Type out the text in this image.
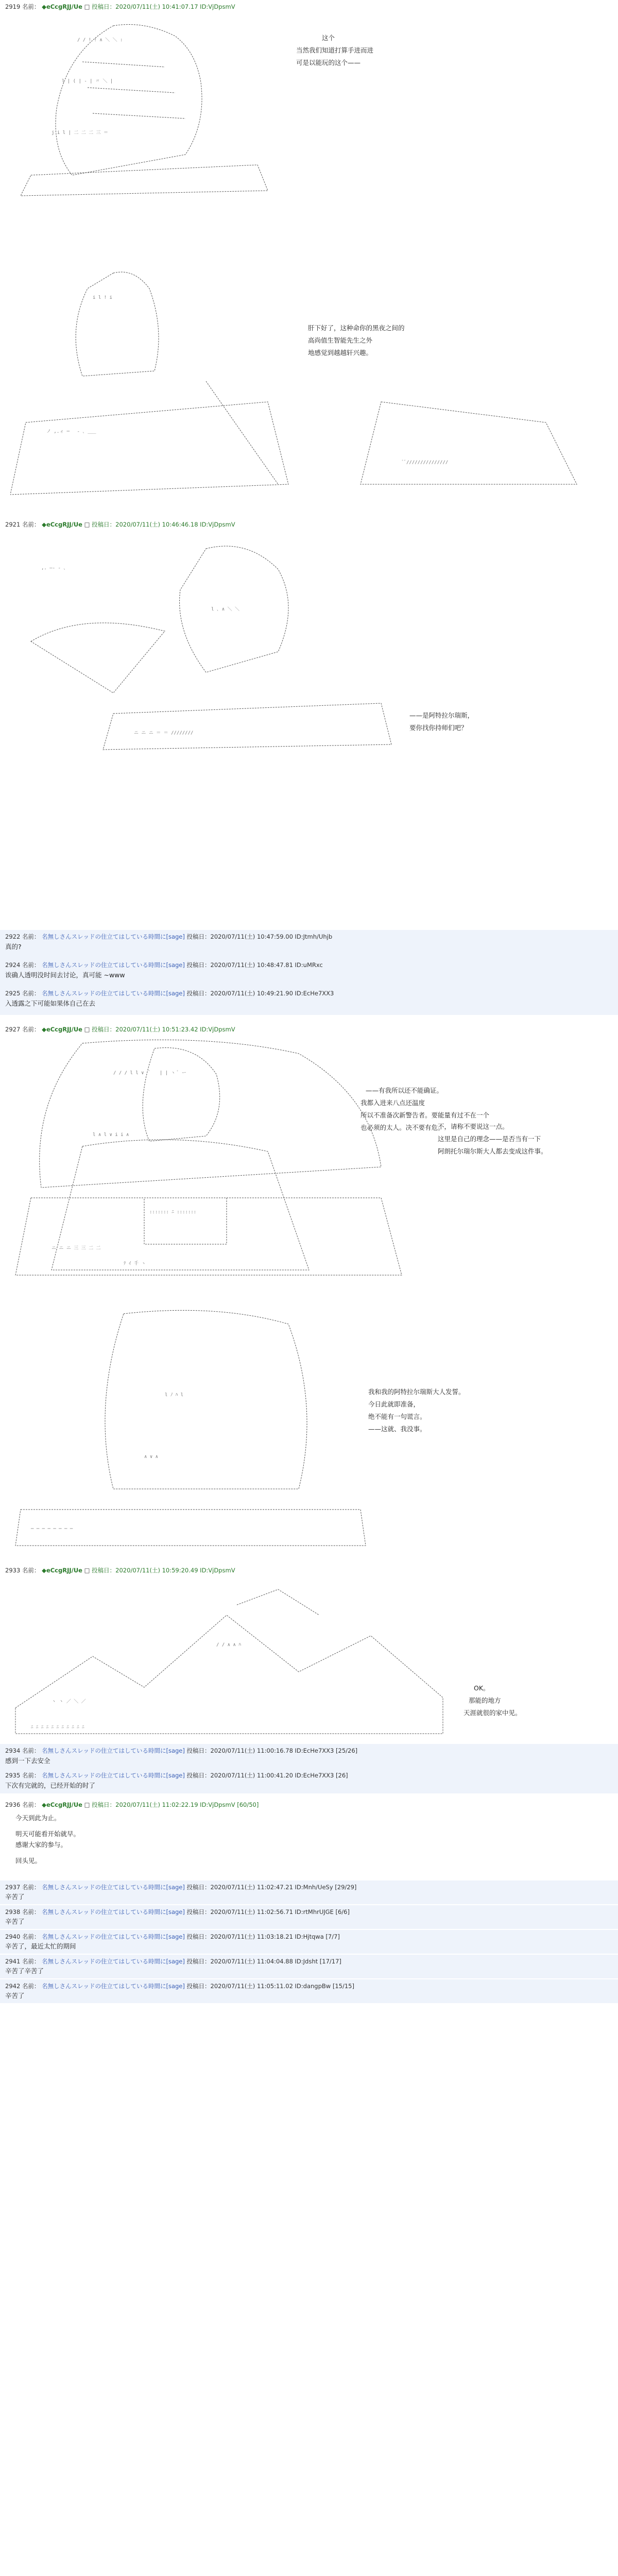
2919 名前： ◆eCcgRJJ/Ue □ 投稿日：2020/07/11(土) 10:41:07.17 ID:VjDpsmV
/ / ! ! ∧ ＼ ＼ :
l | ( | ‐ | 〃 ＼ |
j i l | 二 二 二 三 ＝
这个
当然我们知道打算手进而进
可是以能玩的这个——
i l ! i
ノ ,.ィ ─ 　‐ ､ ___
ﾞﾞ///////////////
肝下好了，这种命你的黑夜之间的
高尚值生智能先生之外
地感觉到越越轩兴趣。
2921 名前： ◆eCcgRJJ/Ue □ 投稿日：2020/07/11(土) 10:46:46.18 ID:VjDpsmV
,. ―‐ - ､
l ､ ∧ ＼ ＼
ニ ニ ニ ＝ ＝ ////////
——是阿特拉尔瑞斯，
要你找你持师们吧？
/ / / l l ∨ ｀
l ∧ l ∨ i i ∧
ニ ニ ニ 三 三 二 二
不，请称不要说这一点。
这里是自己的理念——是否当有一下
阿朗托尔瑞尔斯大人都去变成这件事。
2922 名前： 名無しさんスレッドの住立てはしている時間に[sage] 投稿日：2020/07/11(土) 10:47:59.00 ID:Jtmh/Uhjb
真的?
2924 名前： 名無しさんスレッドの住立てはしている時間に[sage] 投稿日：2020/07/11(土) 10:48:47.81 ID:uMRxc
诶确人透明没时间去讨论，真可能 ~www
2925 名前： 名無しさんスレッドの住立てはしている時間に[sage] 投稿日：2020/07/11(土) 10:49:21.90 ID:EcHe7XX3
入透露之下可能如果体自己在去
2927 名前： ◆eCcgRJJ/Ue □ 投稿日：2020/07/11(土) 10:51:23.42 ID:VjDpsmV
| | ヽ ﾞ ー
::::::: ﾆ :::::::
ﾃ ｲ 千 ヽ
——有我所以还不能确证。
我都入进来八点还温度
所以不准备次新警告者。要能量有过不在一个
也必须的太人。决不要有危。
l ﾉ ﾊ l
∧ ∨ ∧
─ ─ ─ ─ ─ ─ ─ ─
我和我的阿特拉尔瑞斯大人发誓。
今日此就即准备，
绝不能有一句谎言。
——这就、我没事。
2933 名前： ◆eCcgRJJ/Ue □ 投稿日：2020/07/11(土) 10:59:20.49 ID:VjDpsmV
ヽ ヽ ／ ＼ ／
/ / ∧ ∧ ﾊ
ﾆ ﾆ ﾆ ﾆ ﾆ ﾆ ﾆ ﾆ ﾆ ﾆ ﾆ
OK。
那能的地方
天涯就很的家中见。
2934 名前： 名無しさんスレッドの住立てはしている時間に[sage] 投稿日：2020/07/11(土) 11:00:16.78 ID:EcHe7XX3 [25/26]
感到一下去安全
2935 名前： 名無しさんスレッドの住立てはしている時間に[sage] 投稿日：2020/07/11(土) 11:00:41.20 ID:EcHe7XX3 [26]
下次有完就的，已经开始的时了
2936 名前： ◆eCcgRJJ/Ue □ 投稿日：2020/07/11(土) 11:02:22.19 ID:VjDpsmV [60/50]
今天到此为止。
明天可能看开始就早。
感谢大家的参与。
回头见。
2937 名前： 名無しさんスレッドの住立てはしている時間に[sage] 投稿日：2020/07/11(土) 11:02:47.21 ID:Mnh/UeSy [29/29]
辛苦了
2938 名前： 名無しさんスレッドの住立てはしている時間に[sage] 投稿日：2020/07/11(土) 11:02:56.71 ID:rtMhrUJGE [6/6]
辛苦了
2940 名前： 名無しさんスレッドの住立てはしている時間に[sage] 投稿日：2020/07/11(土) 11:03:18.21 ID:Hjtqwa [7/7]
辛苦了，最近太忙的期间
2941 名前： 名無しさんスレッドの住立てはしている時間に[sage] 投稿日：2020/07/11(土) 11:04:04.88 ID:Jdsht [17/17]
辛苦了辛苦了
2942 名前： 名無しさんスレッドの住立てはしている時間に[sage] 投稿日：2020/07/11(土) 11:05:11.02 ID:dangpBw [15/15]
辛苦了
